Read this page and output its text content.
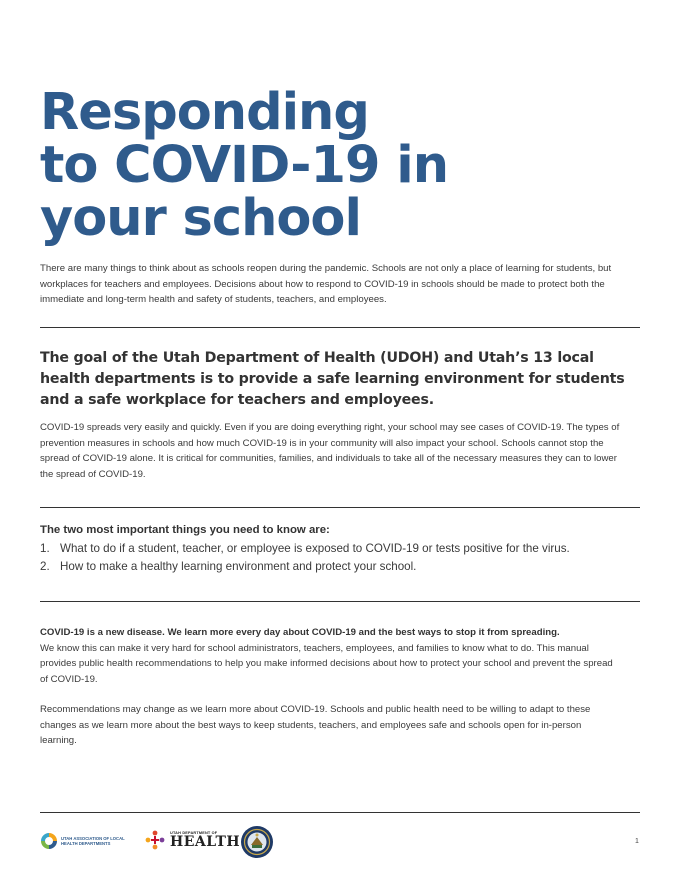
Responding
to COVID-19 in
your school

There are many things to think about as schools reopen during the pandemic. Schools are not only a place of learning for students, but workplaces for teachers and employees. Decisions about how to respond to COVID-19 in schools should be made to protect both the immediate and long-term health and safety of students, teachers, and employees.

The goal of the Utah Department of Health (UDOH) and Utah’s 13 local health departments is to provide a safe learning environment for students and a safe workplace for teachers and employees.

COVID-19 spreads very easily and quickly. Even if you are doing everything right, your school may see cases of COVID-19. The types of prevention measures in schools and how much COVID-19 is in your community will also impact your school. Schools cannot stop the spread of COVID-19 alone. It is critical for communities, families, and individuals to take all of the necessary measures they can to lower the spread of COVID-19.

The two most important things you need to know are:

1. What to do if a student, teacher, or employee is exposed to COVID-19 or tests positive for the virus.
2. How to make a healthy learning environment and protect your school.

COVID-19 is a new disease. We learn more every day about COVID-19 and the best ways to stop it from spreading.
We know this can make it very hard for school administrators, teachers, employees, and families to know what to do. This manual provides public health recommendations to help you make informed decisions about how to protect your school and prevent the spread of COVID-19.

Recommendations may change as we learn more about COVID-19. Schools and public health need to be willing to adapt to these changes as we learn more about the best ways to keep students, teachers, and employees safe and schools open for in-person learning.

UTAH ASSOCIATION OF LOCAL HEALTH DEPARTMENTS
UTAH DEPARTMENT OF
HEALTH	1
